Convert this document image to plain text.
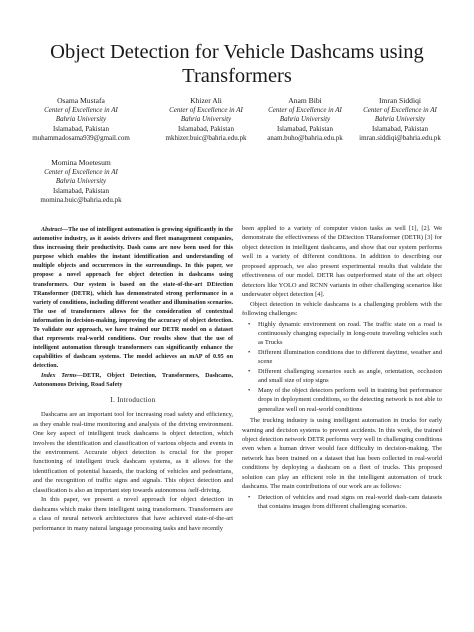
Object Detection for Vehicle Dashcams using Transformers
Osama Mustafa
Center of Excellence in AI
Bahria University
Islamabad, Pakistan
muhammadosama939@gmail.com
Khizer Ali
Center of Excellence in AI
Bahria University
Islamabad, Pakistan
mkhizer.buic@bahria.edu.pk
Anam Bibi
Center of Excellence in AI
Bahria University
Islamabad, Pakistan
anam.buho@bahria.edu.pk
Imran Siddiqi
Center of Excellence in AI
Bahria University
Islamabad, Pakistan
imran.siddiqi@bahria.edu.pk
Momina Moetesum
Center of Excellence in AI
Bahria University
Islamabad, Pakistan
momina.buic@bahria.edu.pk

Abstract—The use of intelligent automation is growing significantly in the automotive industry, as it assists drivers and fleet management companies, thus increasing their productivity. Dash cams are now been used for this purpose which enables the instant identification and understanding of multiple objects and occurrences in the surroundings. In this paper, we propose a novel approach for object detection in dashcams using transformers. Our system is based on the state-of-the-art DEtection TRansformer (DETR), which has demonstrated strong performance in a variety of conditions, including different weather and illumination scenarios. The use of transformers allows for the consideration of contextual information in decision-making, improving the accuracy of object detection. To validate our approach, we have trained our DETR model on a dataset that represents real-world conditions. Our results show that the use of intelligent automation through transformers can significantly enhance the capabilities of dashcam systems. The model achieves an mAP of 0.95 on detection.

Index Terms—DETR, Object Detection, Transformers, Dashcams, Autonomous Driving, Road Safety

I. Introduction

Dashcams are an important tool for increasing road safety and efficiency, as they enable real-time monitoring and analysis of the driving environment. One key aspect of intelligent truck dashcams is object detection, which involves the identification and classification of various objects and events in the environment. Accurate object detection is crucial for the proper functioning of intelligent truck dashcam systems, as it allows for the identification of potential hazards, the tracking of vehicles and pedestrians, and the recognition of traffic signs and signals. This object detection and classification is also an important step towards autonomous /self-driving.

In this paper, we present a novel approach for object detection in dashcams which make them intelligent using transformers. Transformers are a class of neural network architectures that have achieved state-of-the-art performance in many natural language processing tasks and have recently

been applied to a variety of computer vision tasks as well [1], [2]. We demonstrate the effectiveness of the DEtection TRansformer (DETR) [3] for object detection in intelligent dashcams, and show that our system performs well in a variety of different conditions. In addition to describing our proposed approach, we also present experimental results that validate the effectiveness of our model. DETR has outperformed state of the art object detectors like YOLO and RCNN variants in other challenging scenarios like underwater object detection [4].

Object detection in vehicle dashcams is a challenging problem with the following challenges:

• Highly dynamic environment on road. The traffic state on a road is continuously changing especially in long-route traveling vehicles such as Trucks
• Different illumination conditions due to different daytime, weather and scene
• Different challenging scenarios such as angle, orientation, occlusion and small size of stop signs
• Many of the object detectors perform well in training but performance drops in deployment conditions, so the detecting network is not able to generalize well on real-world conditions

The trucking industry is using intelligent automation in trucks for early warning and decision systems to prevent accidents. In this work, the trained object detection network DETR performs very well in challenging conditions even when a human driver would face difficulty in decision-making. The network has been trained on a dataset that has been collected in real-world conditions by deploying a dashcam on a fleet of trucks. This proposed solution can play an efficient role in the intelligent automation of truck dashcams. The main contributions of our work are as follows:

• Detection of vehicles and road signs on real-world dash-cam datasets that contains images from different challenging scenarios.
